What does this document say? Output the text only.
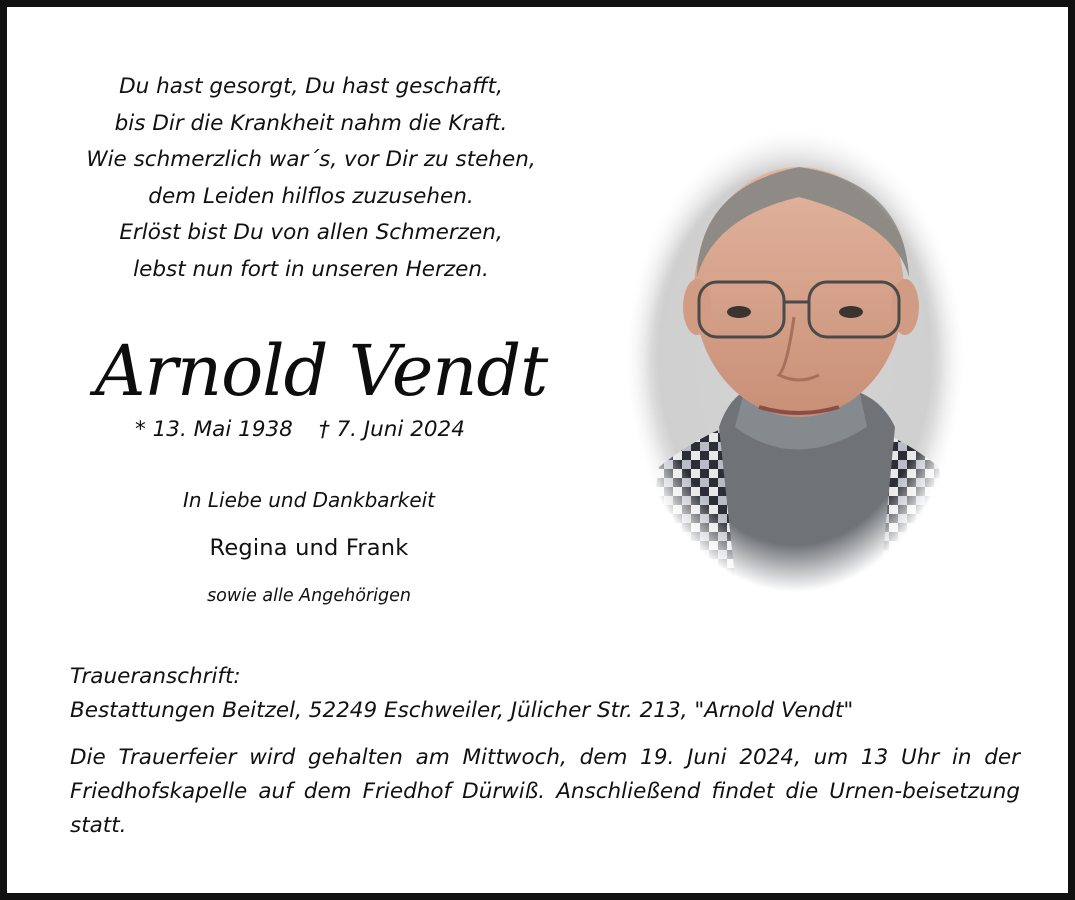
Du hast gesorgt, Du hast geschafft,
bis Dir die Krankheit nahm die Kraft.
Wie schmerzlich war´s, vor Dir zu stehen,
dem Leiden hilflos zuzusehen.
Erlöst bist Du von allen Schmerzen,
lebst nun fort in unseren Herzen.
Arnold Vendt
* 13. Mai 1938 † 7. Juni 2024
In Liebe und Dankbarkeit
Regina und Frank
sowie alle Angehörigen
Traueranschrift:
Bestattungen Beitzel, 52249 Eschweiler, Jülicher Str. 213, "Arnold Vendt"
Die Trauerfeier wird gehalten am Mittwoch, dem 19. Juni 2024, um 13 Uhr in der Friedhofskapelle auf dem Friedhof Dürwiß. Anschließend findet die Urnen-beisetzung statt.
